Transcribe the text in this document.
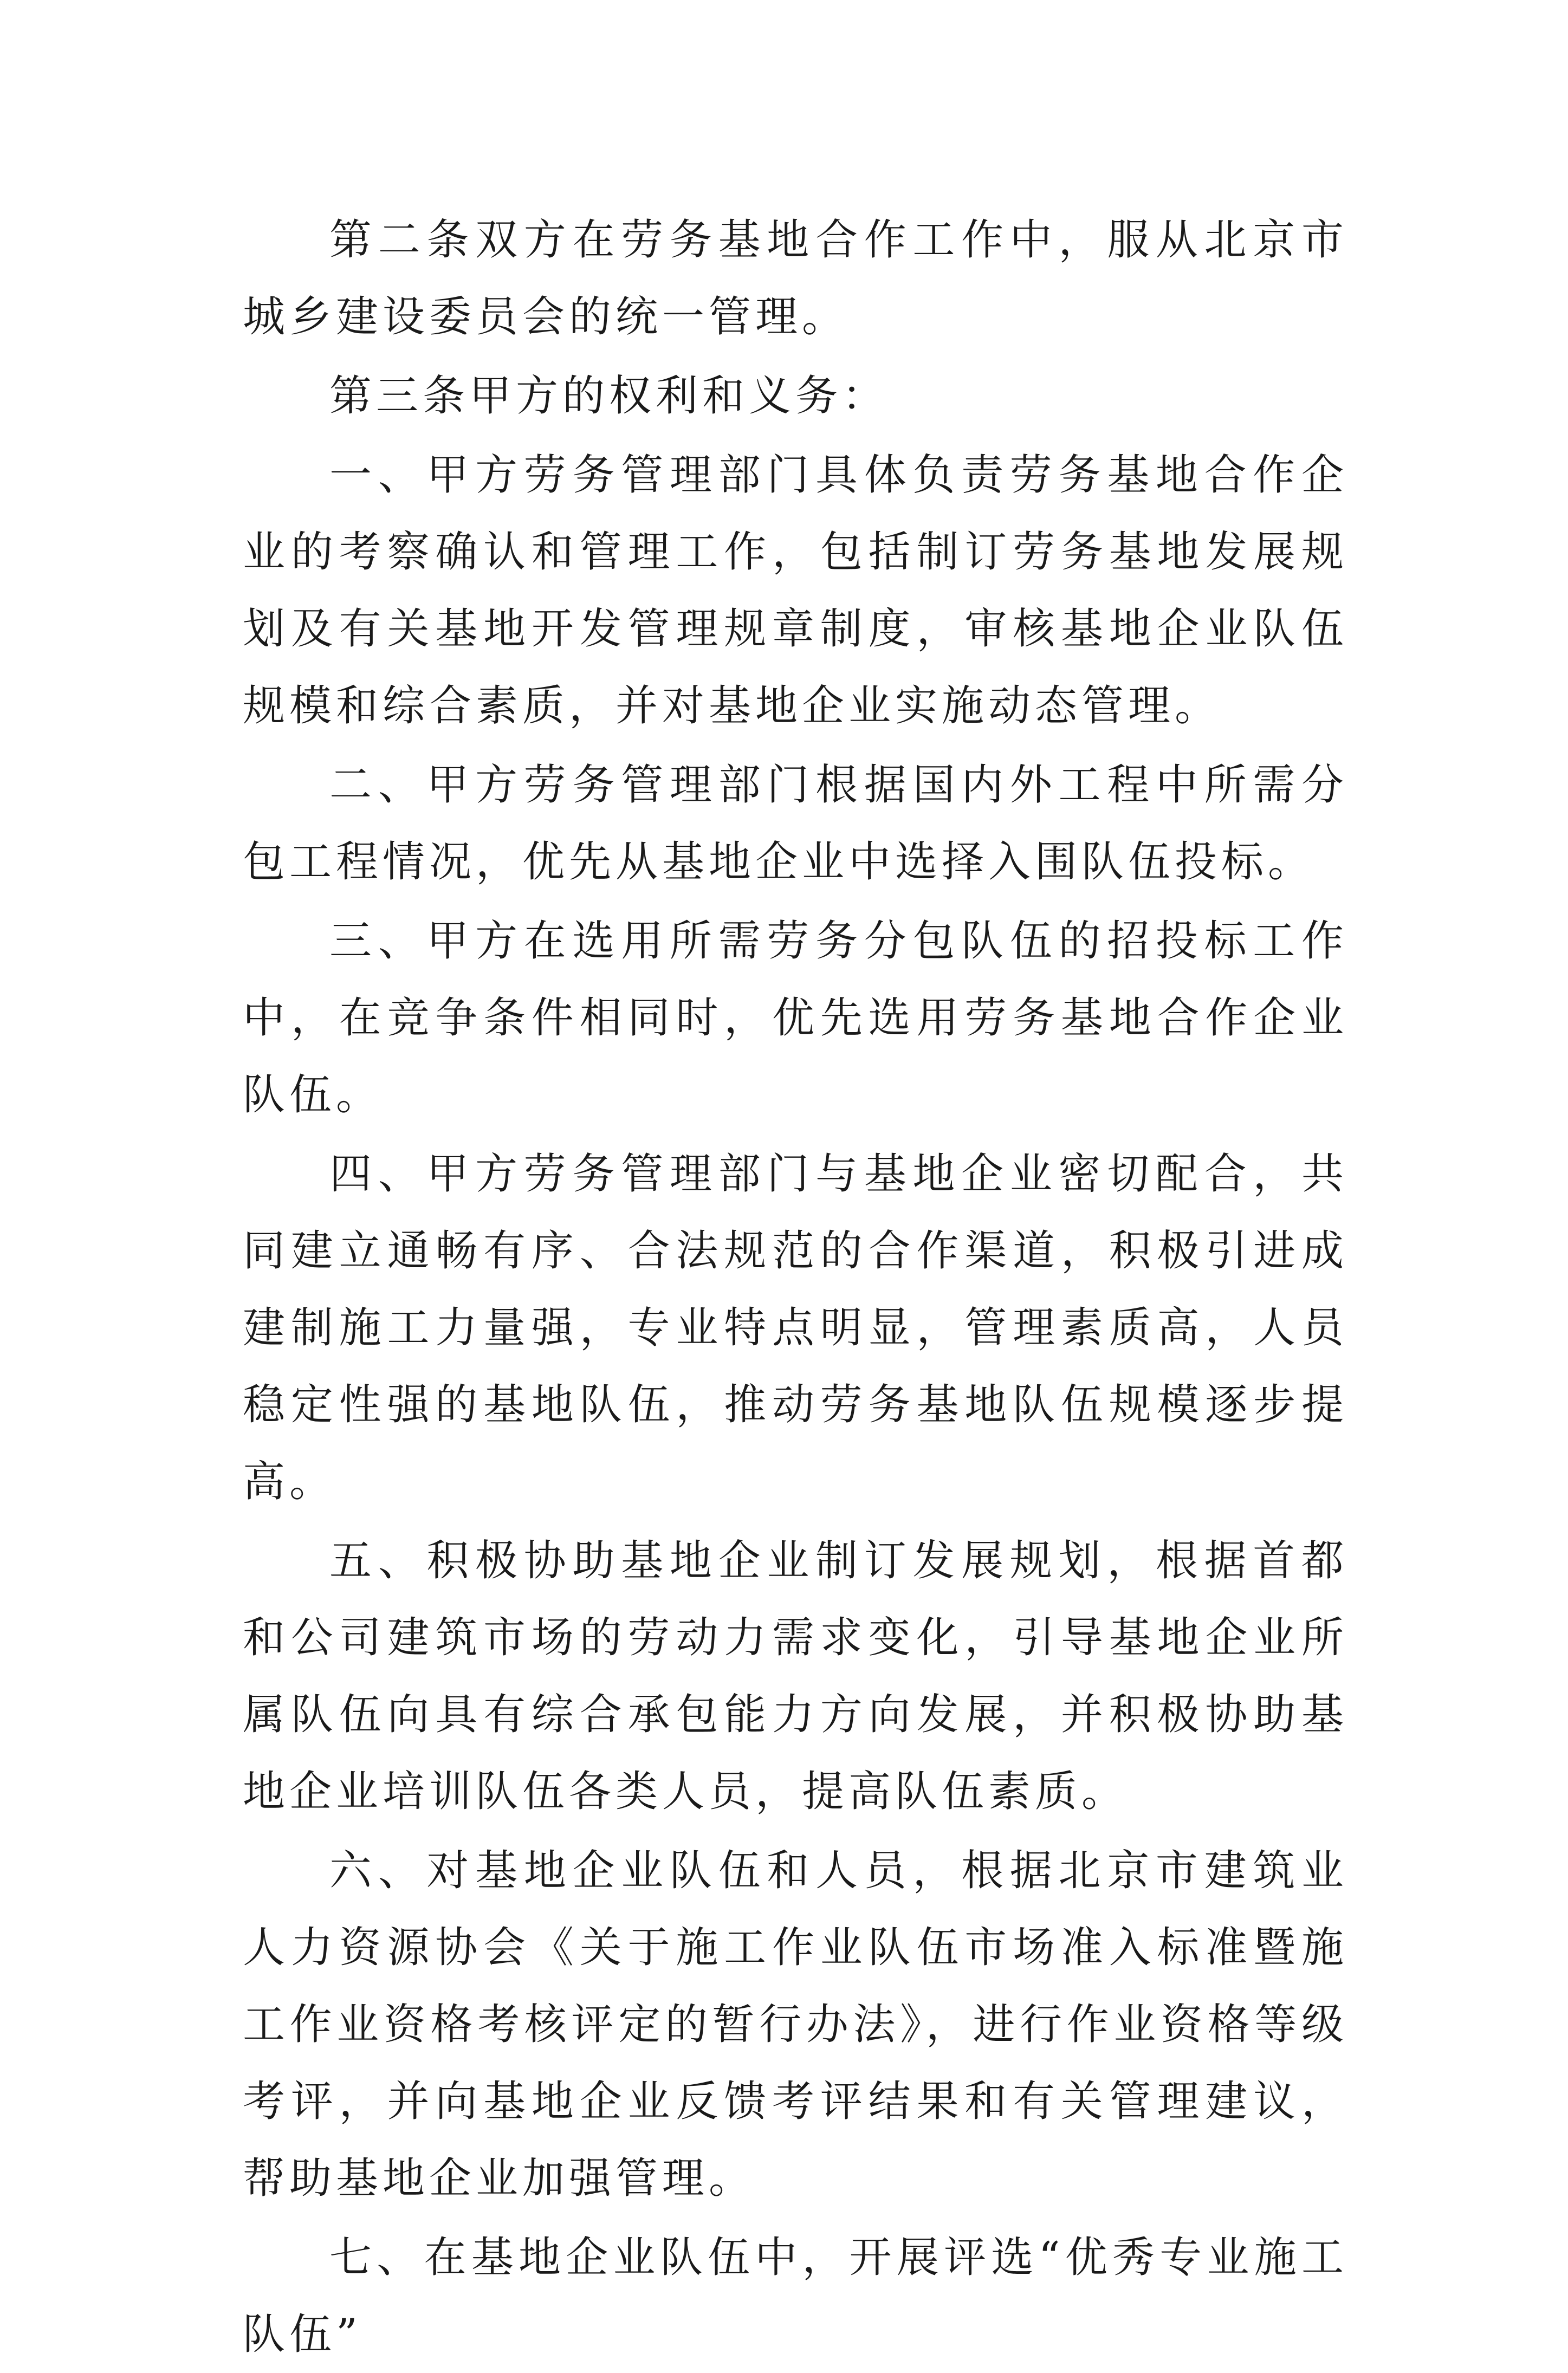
第二条双方在劳务基地合作工作中，服从北京市城乡建设委员会的统一管理。

第三条甲方的权利和义务：

一、甲方劳务管理部门具体负责劳务基地合作企业的考察确认和管理工作，包括制订劳务基地发展规划及有关基地开发管理规章制度，审核基地企业队伍规模和综合素质，并对基地企业实施动态管理。

二、甲方劳务管理部门根据国内外工程中所需分包工程情况，优先从基地企业中选择入围队伍投标。

三、甲方在选用所需劳务分包队伍的招投标工作中，在竞争条件相同时，优先选用劳务基地合作企业队伍。

四、甲方劳务管理部门与基地企业密切配合，共同建立通畅有序、合法规范的合作渠道，积极引进成建制施工力量强，专业特点明显，管理素质高，人员稳定性强的基地队伍，推动劳务基地队伍规模逐步提高。

五、积极协助基地企业制订发展规划，根据首都和公司建筑市场的劳动力需求变化，引导基地企业所属队伍向具有综合承包能力方向发展，并积极协助基地企业培训队伍各类人员，提高队伍素质。

六、对基地企业队伍和人员，根据北京市建筑业人力资源协会《关于施工作业队伍市场准入标准暨施工作业资格考核评定的暂行办法》，进行作业资格等级考评，并向基地企业反馈考评结果和有关管理建议，帮助基地企业加强管理。

七、在基地企业队伍中，开展评选“优秀专业施工队伍”
